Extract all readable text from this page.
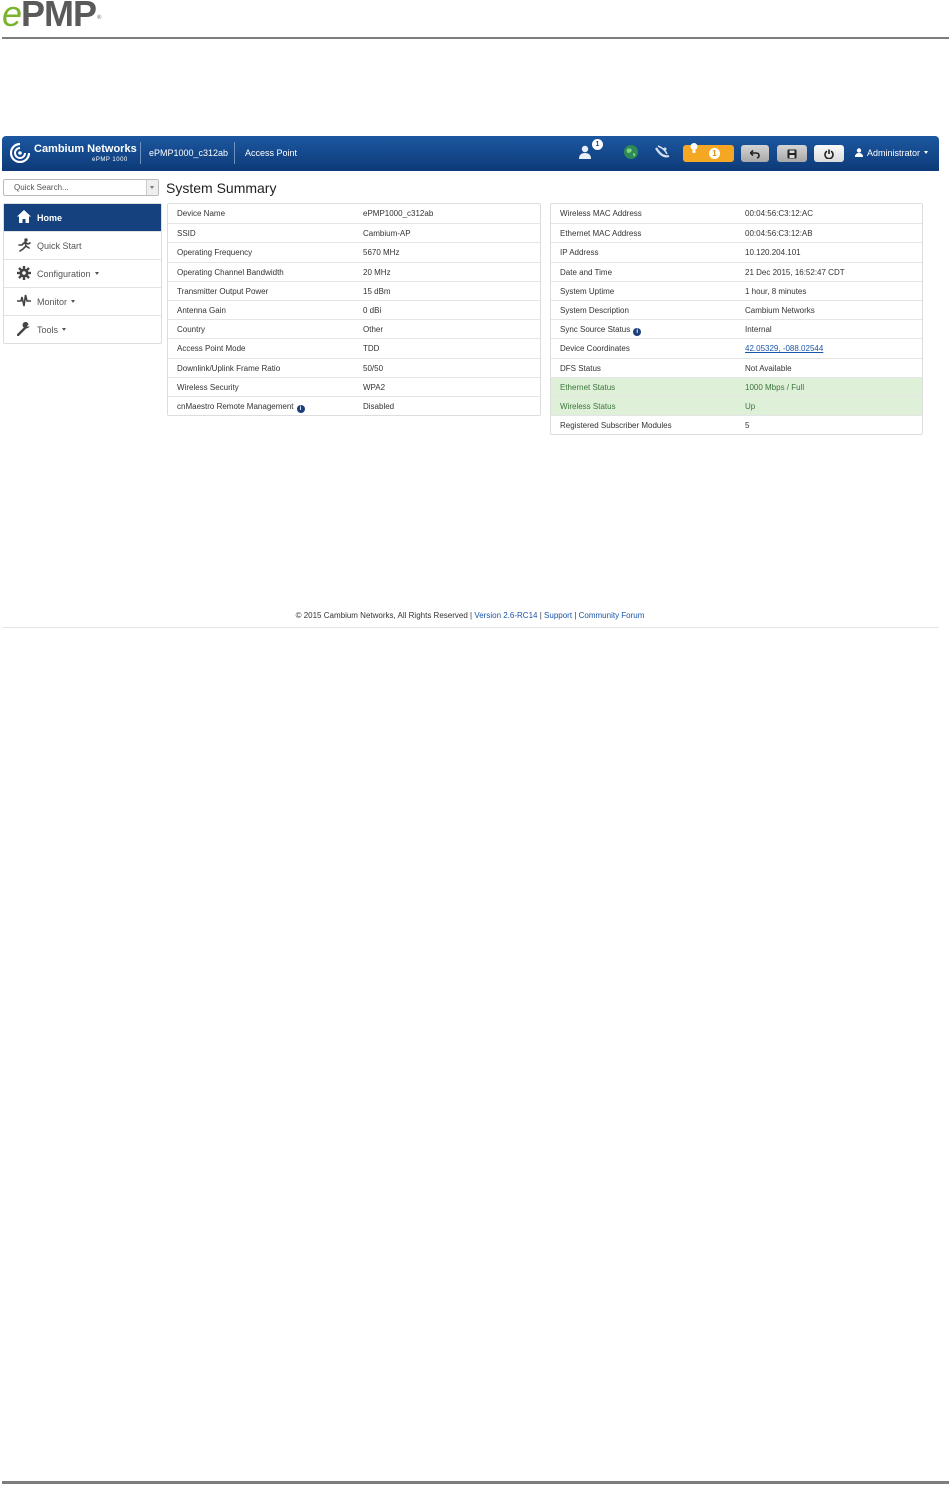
ePMP®
Cambium Networks
ePMP 1000
ePMP1000_c312ab Access Point
1
1	Administrator
Quick Search...
Home
Quick Start
Configuration
Monitor
Tools
System Summary
Device Name	ePMP1000_c312ab
SSID	Cambium-AP
Operating Frequency	5670 MHz
Operating Channel Bandwidth	20 MHz
Transmitter Output Power	15 dBm
Antenna Gain	0 dBi
Country	Other
Access Point Mode	TDD
Downlink/Uplink Frame Ratio	50/50
Wireless Security	WPA2
cnMaestro Remote Management i	Disabled
Wireless MAC Address	00:04:56:C3:12:AC
Ethernet MAC Address	00:04:56:C3:12:AB
IP Address	10.120.204.101
Date and Time	21 Dec 2015, 16:52:47 CDT
System Uptime	1 hour, 8 minutes
System Description	Cambium Networks
Sync Source Status i	Internal
Device Coordinates	42.05329, -088.02544
DFS Status	Not Available
Ethernet Status	1000 Mbps / Full
Wireless Status	Up
Registered Subscriber Modules	5
© 2015 Cambium Networks, All Rights Reserved | Version 2.6-RC14 | Support | Community Forum
